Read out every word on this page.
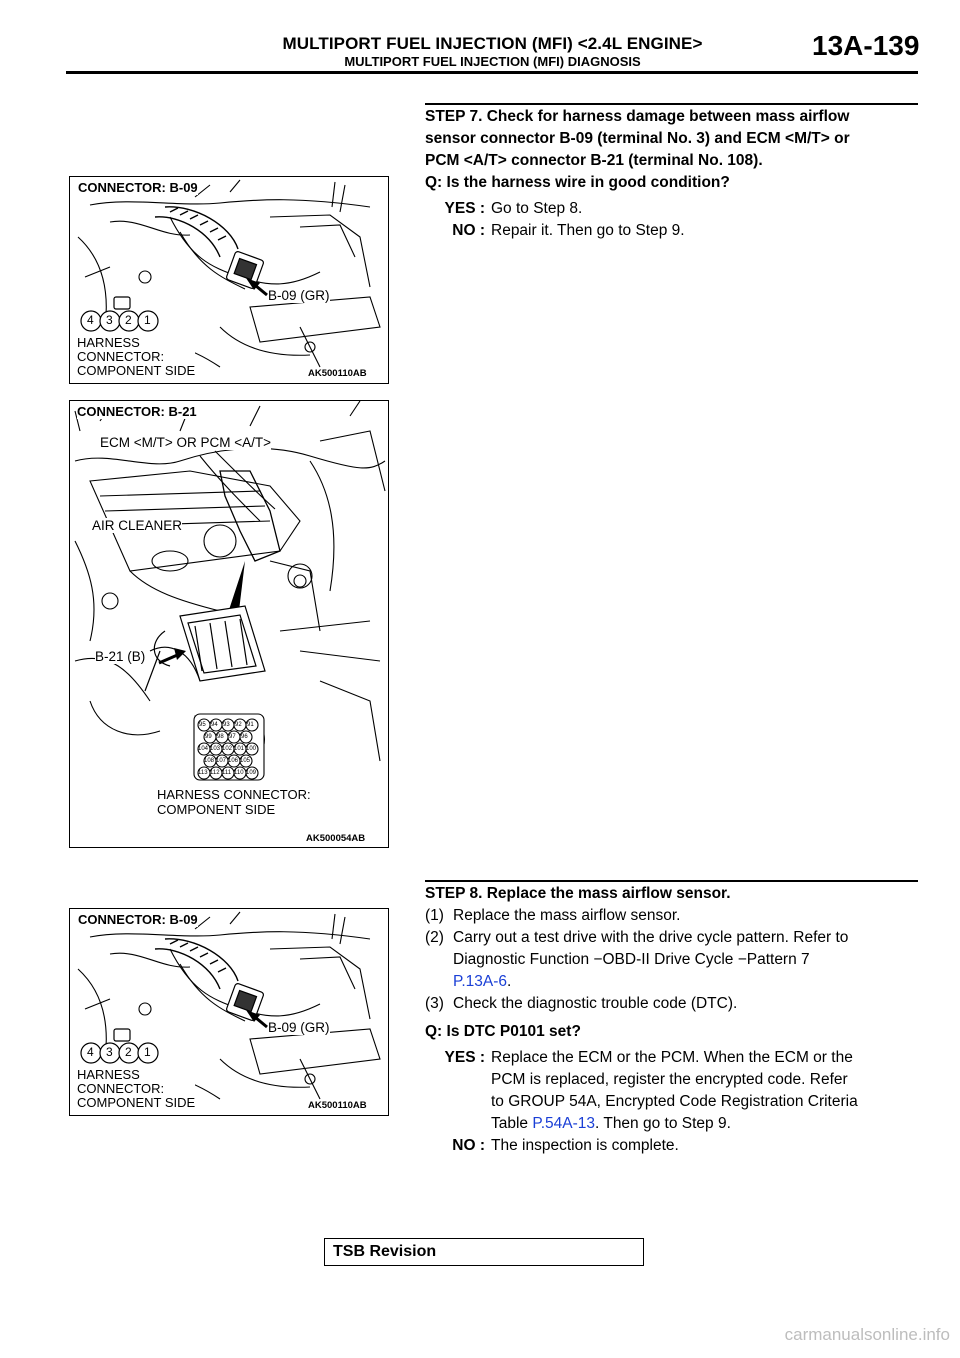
MULTIPORT FUEL INJECTION (MFI) <2.4L ENGINE>
MULTIPORT FUEL INJECTION (MFI) DIAGNOSIS
13A-139
STEP 7. Check for harness damage between mass airflow
sensor connector B-09 (terminal No. 3) and ECM <M/T> or
PCM <A/T> connector B-21 (terminal No. 108).
Q: Is the harness wire in good condition?
YES : Go to Step 8.
NO : Repair it. Then go to Step 9.
STEP 8. Replace the mass airflow sensor.
(1) Replace the mass airflow sensor.
(2) Carry out a test drive with the drive cycle pattern. Refer to
Diagnostic Function −OBD-II Drive Cycle −Pattern 7
P.13A-6.
(3) Check the diagnostic trouble code (DTC).
Q: Is DTC P0101 set?
YES : Replace the ECM or the PCM. When the ECM or the
PCM is replaced, register the encrypted code. Refer
to GROUP 54A, Encrypted Code Registration Criteria
Table P.54A-13. Then go to Step 9.
NO : The inspection is complete.
CONNECTOR: B-09
B-09 (GR)
4 3 2 1
HARNESS
CONNECTOR:
COMPONENT SIDE	AK500110AB
CONNECTOR: B-21
ECM <M/T> OR PCM <A/T>
AIR CLEANER
B-21 (B)
95 94 93 92 91
99 98 97 96
104 103 102 101 100
108 107 106 105
113 112 111 110 109
HARNESS CONNECTOR:
COMPONENT SIDE
AK500054AB
CONNECTOR: B-09
B-09 (GR)
4 3 2 1
HARNESS
CONNECTOR:
COMPONENT SIDE	AK500110AB
TSB Revision
carmanualsonline.info
